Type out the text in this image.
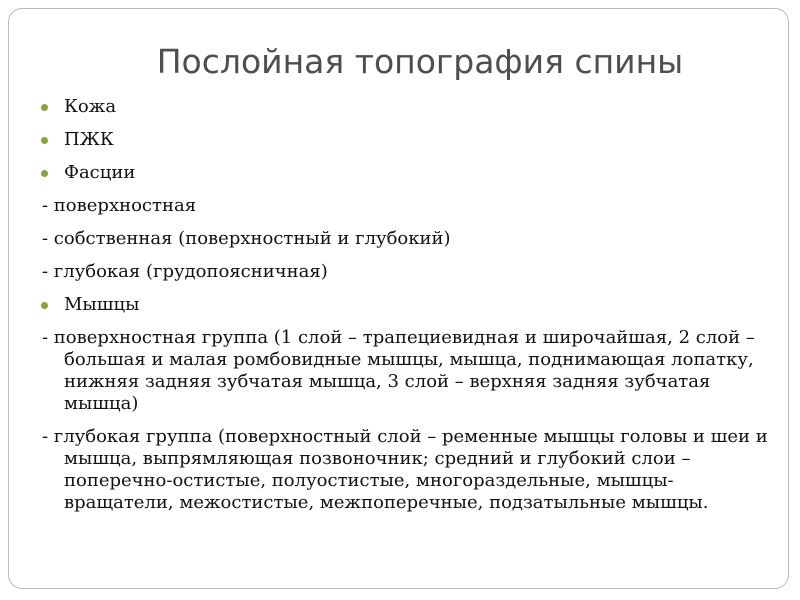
Послойная топография спины
Кожа
ПЖК
Фасции
- поверхностная
- собственная (поверхностный и глубокий)
- глубокая (грудопоясничная)
Мышцы
- поверхностная группа (1 слой – трапециевидная и широчайшая, 2 слой – большая и малая ромбовидные мышцы, мышца, поднимающая лопатку, нижняя задняя зубчатая мышца, 3 слой – верхняя задняя зубчатая мышца)
- глубокая группа (поверхностный слой – ременные мышцы головы и шеи и мышца, выпрямляющая позвоночник; средний и глубокий слои – поперечно-остистые, полуостистые, многораздельные, мышцы-вращатели, межостистые, межпоперечные, подзатыльные мышцы.
